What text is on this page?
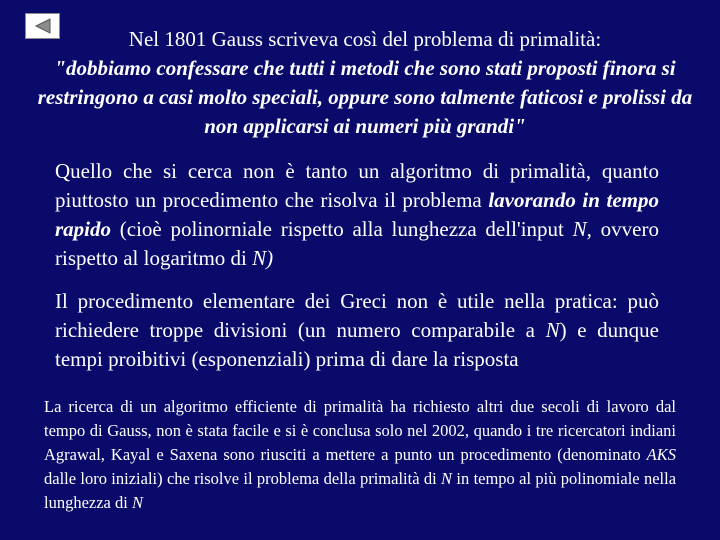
Nel 1801 Gauss scriveva così del problema di primalità:
"dobbiamo confessare che tutti i metodi che sono stati proposti finora si restringono a casi molto speciali, oppure sono talmente faticosi e prolissi da non applicarsi ai numeri più grandi"
Quello che si cerca non è tanto un algoritmo di primalità, quanto piuttosto un procedimento che risolva il problema lavorando in tempo rapido (cioè polinorniale rispetto alla lunghezza dell'input N, ovvero rispetto al logaritmo di N)
Il procedimento elementare dei Greci non è utile nella pratica: può richiedere troppe divisioni (un numero comparabile a N) e dunque tempi proibitivi (esponenziali) prima di dare la risposta
La ricerca di un algoritmo efficiente di primalità ha richiesto altri due secoli di lavoro dal tempo di Gauss, non è stata facile e si è conclusa solo nel 2002, quando i tre ricercatori indiani Agrawal, Kayal e Saxena sono riusciti a mettere a punto un procedimento (denominato AKS dalle loro iniziali) che risolve il problema della primalità di N in tempo al più polinomiale nella lunghezza di N
